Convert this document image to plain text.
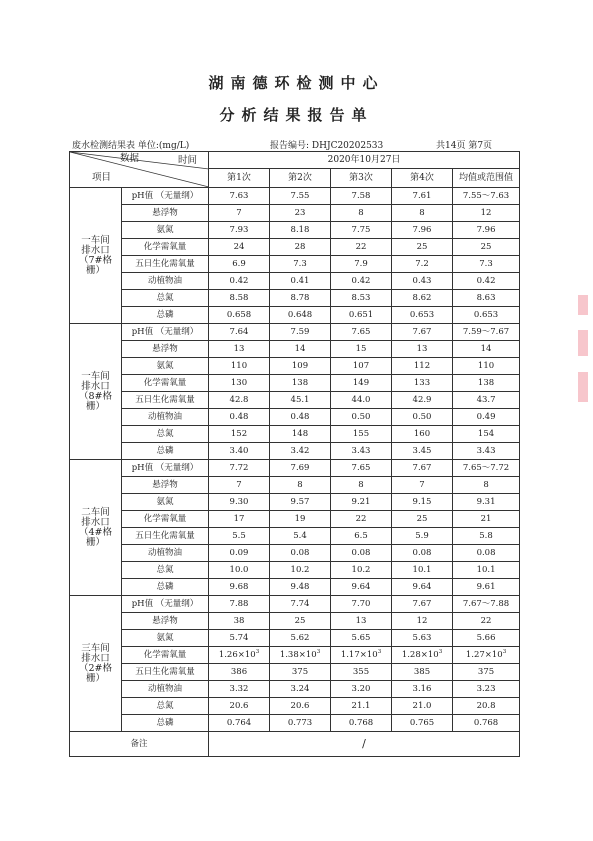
湖南德环检测中心
分析结果报告单
废水检测结果表 单位:(mg/L)	报告编号: DHJC20202533	共14页 第7页
数据 时间
项目		2020年10月27日				
		第1次	第2次	第3次	第4次	均值或范围值

一车间
排水口
（7#格
栅）	pH值 （无量纲）	7.63	7.55	7.58	7.61	7.55～7.63
	悬浮物	7	23	8	8	12
	氨氮	7.93	8.18	7.75	7.96	7.96
	化学需氧量	24	28	22	25	25
	五日生化需氧量	6.9	7.3	7.9	7.2	7.3
	动植物油	0.42	0.41	0.42	0.43	0.42
	总氮	8.58	8.78	8.53	8.62	8.63
	总磷	0.658	0.648	0.651	0.653	0.653

一车间
排水口
（8#格
栅）	pH值 （无量纲）	7.64	7.59	7.65	7.67	7.59～7.67
	悬浮物	13	14	15	13	14
	氨氮	110	109	107	112	110
	化学需氧量	130	138	149	133	138
	五日生化需氧量	42.8	45.1	44.0	42.9	43.7
	动植物油	0.48	0.48	0.50	0.50	0.49
	总氮	152	148	155	160	154
	总磷	3.40	3.42	3.43	3.45	3.43

二车间
排水口
（4#格
栅）	pH值 （无量纲）	7.72	7.69	7.65	7.67	7.65～7.72
	悬浮物	7	8	8	7	8
	氨氮	9.30	9.57	9.21	9.15	9.31
	化学需氧量	17	19	22	25	21
	五日生化需氧量	5.5	5.4	6.5	5.9	5.8
	动植物油	0.09	0.08	0.08	0.08	0.08
	总氮	10.0	10.2	10.2	10.1	10.1
	总磷	9.68	9.48	9.64	9.64	9.61

三车间
排水口
（2#格
栅）	pH值 （无量纲）	7.88	7.74	7.70	7.67	7.67～7.88
	悬浮物	38	25	13	12	22
	氨氮	5.74	5.62	5.65	5.63	5.66
	化学需氧量	$1.26\times 10^3$	$1.38\times 10^3$	$1.17\times 10^3$	$1.28\times 10^3$	$1.27\times 10^3$
	五日生化需氧量	386	375	355	385	375
	动植物油	3.32	3.24	3.20	3.16	3.23
	总氮	20.6	20.6	21.1	21.0	20.8
	总磷	0.764	0.773	0.768	0.765	0.768
备注		/				
